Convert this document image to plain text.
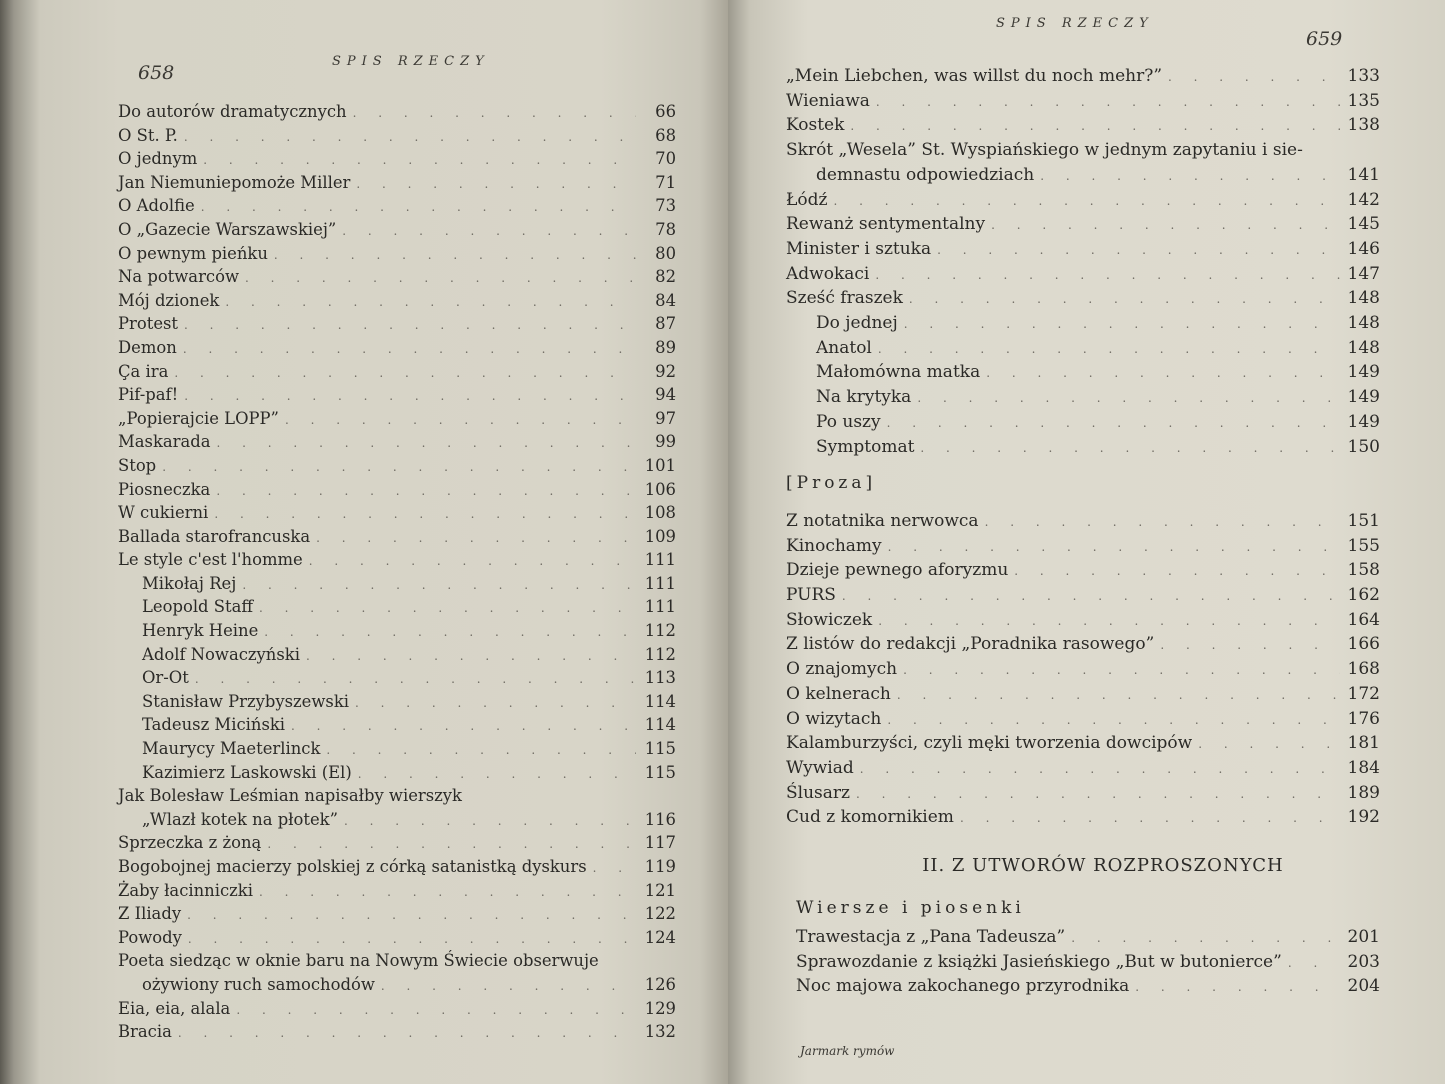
658
SPIS RZECZY
Do autorów dramatycznych . . .	66
O St. P. . . .	68
O jednym . . .	70
Jan Niemuniepomoże Miller . . .	71
O Adolfie . . .	73
O „Gazecie Warszawskiej” . . .	78
O pewnym pieńku . . .	80
Na potwarców . . .	82
Mój dzionek . . .	84
Protest . . .	87
Demon . . .	89
Ça ira . . .	92
Pif-paf! . . .	94
„Popierajcie LOPP” . . .	97
Maskarada . . .	99
Stop . . .	101
Piosneczka . . .	106
W cukierni . . .	108
Ballada starofrancuska . . .	109
Le style c'est l'homme . . .	111
Mikołaj Rej . . .	111
Leopold Staff . . .	111
Henryk Heine . . .	112
Adolf Nowaczyński . . .	112
Or-Ot . . .	113
Stanisław Przybyszewski . . .	114
Tadeusz Miciński . . .	114
Maurycy Maeterlinck . . .	115
Kazimierz Laskowski (El) . . .	115
Jak Bolesław Leśmian napisałby wierszyk
„Wlazł kotek na płotek” . . .	116
Sprzeczka z żoną . . .	117
Bogobojnej macierzy polskiej z córką satanistką dyskurs . . .	119
Żaby łacinniczki . . .	121
Z Iliady . . .	122
Powody . . .	124
Poeta siedząc w oknie baru na Nowym Świecie obserwuje
ożywiony ruch samochodów . . .	126
Eia, eia, alala . . .	129
Bracia . . .	132
SPIS RZECZY
659
„Mein Liebchen, was willst du noch mehr?” . . .	133
Wieniawa . . .	135
Kostek . . .	138
Skrót „Wesela” St. Wyspiańskiego w jednym zapytaniu i sie-
demnastu odpowiedziach . . .	141
Łódź . . .	142
Rewanż sentymentalny . . .	145
Minister i sztuka . . .	146
Adwokaci . . .	147
Sześć fraszek . . .	148
Do jednej . . .	148
Anatol . . .	148
Małomówna matka . . .	149
Na krytyka . . .	149
Po uszy . . .	149
Symptomat . . .	150
[Proza]
Z notatnika nerwowca . . .	151
Kinochamy . . .	155
Dzieje pewnego aforyzmu . . .	158
PURS . . .	162
Słowiczek . . .	164
Z listów do redakcji „Poradnika rasowego” . . .	166
O znajomych . . .	168
O kelnerach . . .	172
O wizytach . . .	176
Kalamburzyści, czyli męki tworzenia dowcipów . . .	181
Wywiad . . .	184
Ślusarz . . .	189
Cud z komornikiem . . .	192
II. Z UTWORÓW ROZPROSZONYCH
Wiersze i piosenki
Trawestacja z „Pana Tadeusza” . . .	201
Sprawozdanie z książki Jasieńskiego „But w butonierce” . . .	203
Noc majowa zakochanego przyrodnika . . .	204
Jarmark rymów
